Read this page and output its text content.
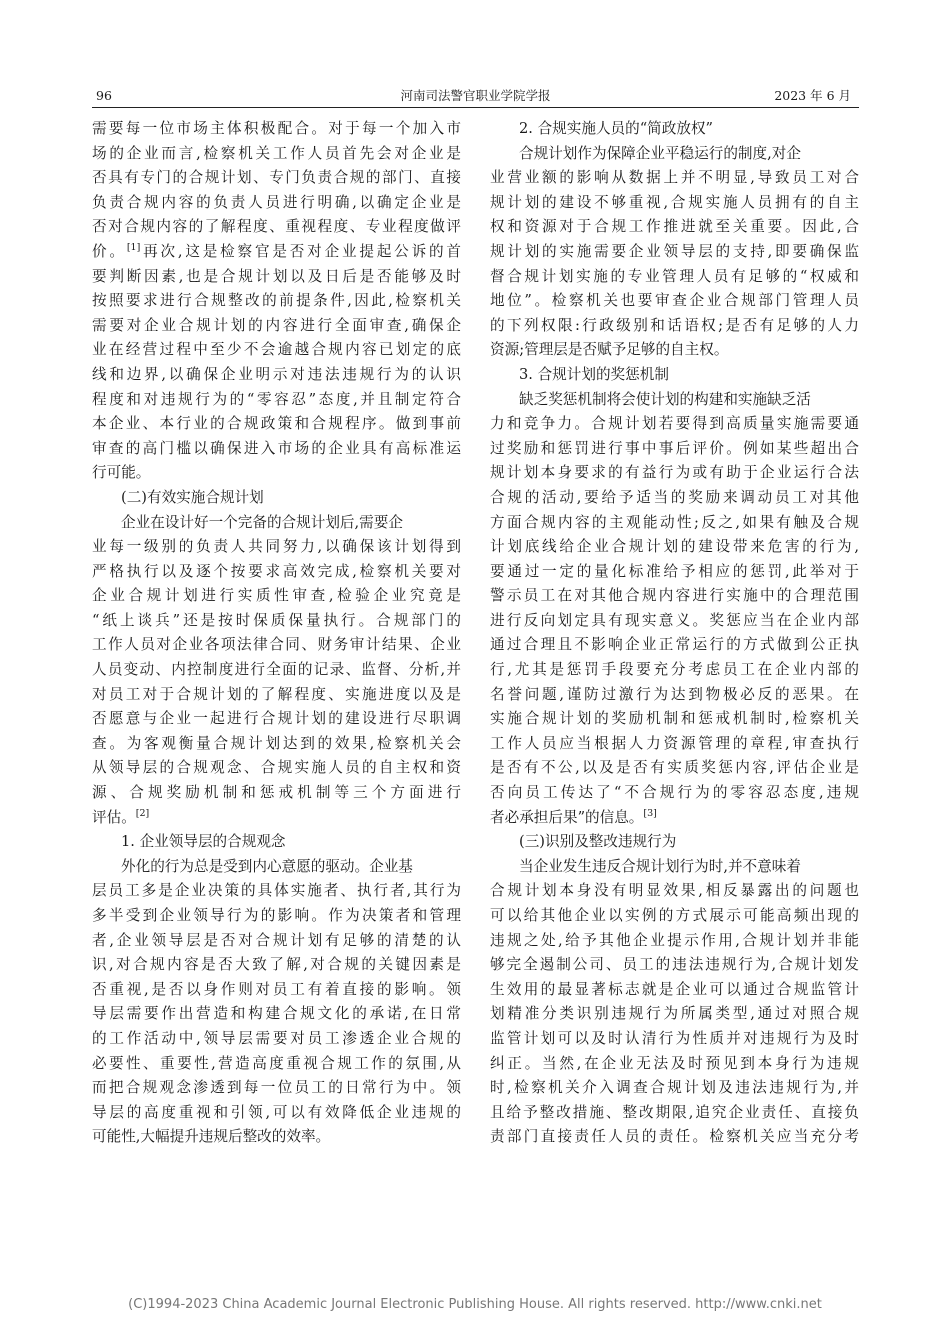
96	河南司法警官职业学院学报	2023 年 6 月
需要每一位市场主体积极配合。对于每一个加入市
场的企业而言,检察机关工作人员首先会对企业是
否具有专门的合规计划、专门负责合规的部门、直接
负责合规内容的负责人员进行明确,以确定企业是
否对合规内容的了解程度、重视程度、专业程度做评
价。[1]再次,这是检察官是否对企业提起公诉的首
要判断因素,也是合规计划以及日后是否能够及时
按照要求进行合规整改的前提条件,因此,检察机关
需要对企业合规计划的内容进行全面审查,确保企
业在经营过程中至少不会逾越合规内容已划定的底
线和边界,以确保企业明示对违法违规行为的认识
程度和对违规行为的“零容忍”态度,并且制定符合
本企业、本行业的合规政策和合规程序。做到事前
审查的高门槛以确保进入市场的企业具有高标准运
行可能。
(二)有效实施合规计划
企业在设计好一个完备的合规计划后,需要企
业每一级别的负责人共同努力,以确保该计划得到
严格执行以及逐个按要求高效完成,检察机关要对
企业合规计划进行实质性审查,检验企业究竟是
“纸上谈兵”还是按时保质保量执行。合规部门的
工作人员对企业各项法律合同、财务审计结果、企业
人员变动、内控制度进行全面的记录、监督、分析,并
对员工对于合规计划的了解程度、实施进度以及是
否愿意与企业一起进行合规计划的建设进行尽职调
查。为客观衡量合规计划达到的效果,检察机关会
从领导层的合规观念、合规实施人员的自主权和资
源、合规奖励机制和惩戒机制等三个方面进行
评估。[2]
1. 企业领导层的合规观念
外化的行为总是受到内心意愿的驱动。企业基
层员工多是企业决策的具体实施者、执行者,其行为
多半受到企业领导行为的影响。作为决策者和管理
者,企业领导层是否对合规计划有足够的清楚的认
识,对合规内容是否大致了解,对合规的关键因素是
否重视,是否以身作则对员工有着直接的影响。领
导层需要作出营造和构建合规文化的承诺,在日常
的工作活动中,领导层需要对员工渗透企业合规的
必要性、重要性,营造高度重视合规工作的氛围,从
而把合规观念渗透到每一位员工的日常行为中。领
导层的高度重视和引领,可以有效降低企业违规的
可能性,大幅提升违规后整改的效率。
2. 合规实施人员的“简政放权”
合规计划作为保障企业平稳运行的制度,对企
业营业额的影响从数据上并不明显,导致员工对合
规计划的建设不够重视,合规实施人员拥有的自主
权和资源对于合规工作推进就至关重要。因此,合
规计划的实施需要企业领导层的支持,即要确保监
督合规计划实施的专业管理人员有足够的“权威和
地位”。检察机关也要审查企业合规部门管理人员
的下列权限:行政级别和话语权;是否有足够的人力
资源;管理层是否赋予足够的自主权。
3. 合规计划的奖惩机制
缺乏奖惩机制将会使计划的构建和实施缺乏活
力和竞争力。合规计划若要得到高质量实施需要通
过奖励和惩罚进行事中事后评价。例如某些超出合
规计划本身要求的有益行为或有助于企业运行合法
合规的活动,要给予适当的奖励来调动员工对其他
方面合规内容的主观能动性;反之,如果有触及合规
计划底线给企业合规计划的建设带来危害的行为,
要通过一定的量化标准给予相应的惩罚,此举对于
警示员工在对其他合规内容进行实施中的合理范围
进行反向划定具有现实意义。奖惩应当在企业内部
通过合理且不影响企业正常运行的方式做到公正执
行,尤其是惩罚手段要充分考虑员工在企业内部的
名誉问题,谨防过激行为达到物极必反的恶果。在
实施合规计划的奖励机制和惩戒机制时,检察机关
工作人员应当根据人力资源管理的章程,审查执行
是否有不公,以及是否有实质奖惩内容,评估企业是
否向员工传达了“不合规行为的零容忍态度,违规
者必承担后果”的信息。[3]
(三)识别及整改违规行为
当企业发生违反合规计划行为时,并不意味着
合规计划本身没有明显效果,相反暴露出的问题也
可以给其他企业以实例的方式展示可能高频出现的
违规之处,给予其他企业提示作用,合规计划并非能
够完全遏制公司、员工的违法违规行为,合规计划发
生效用的最显著标志就是企业可以通过合规监管计
划精准分类识别违规行为所属类型,通过对照合规
监管计划可以及时认清行为性质并对违规行为及时
纠正。当然,在企业无法及时预见到本身行为违规
时,检察机关介入调查合规计划及违法违规行为,并
且给予整改措施、整改期限,追究企业责任、直接负
责部门直接责任人员的责任。检察机关应当充分考
(C)1994-2023 China Academic Journal Electronic Publishing House. All rights reserved. http://www.cnki.net
